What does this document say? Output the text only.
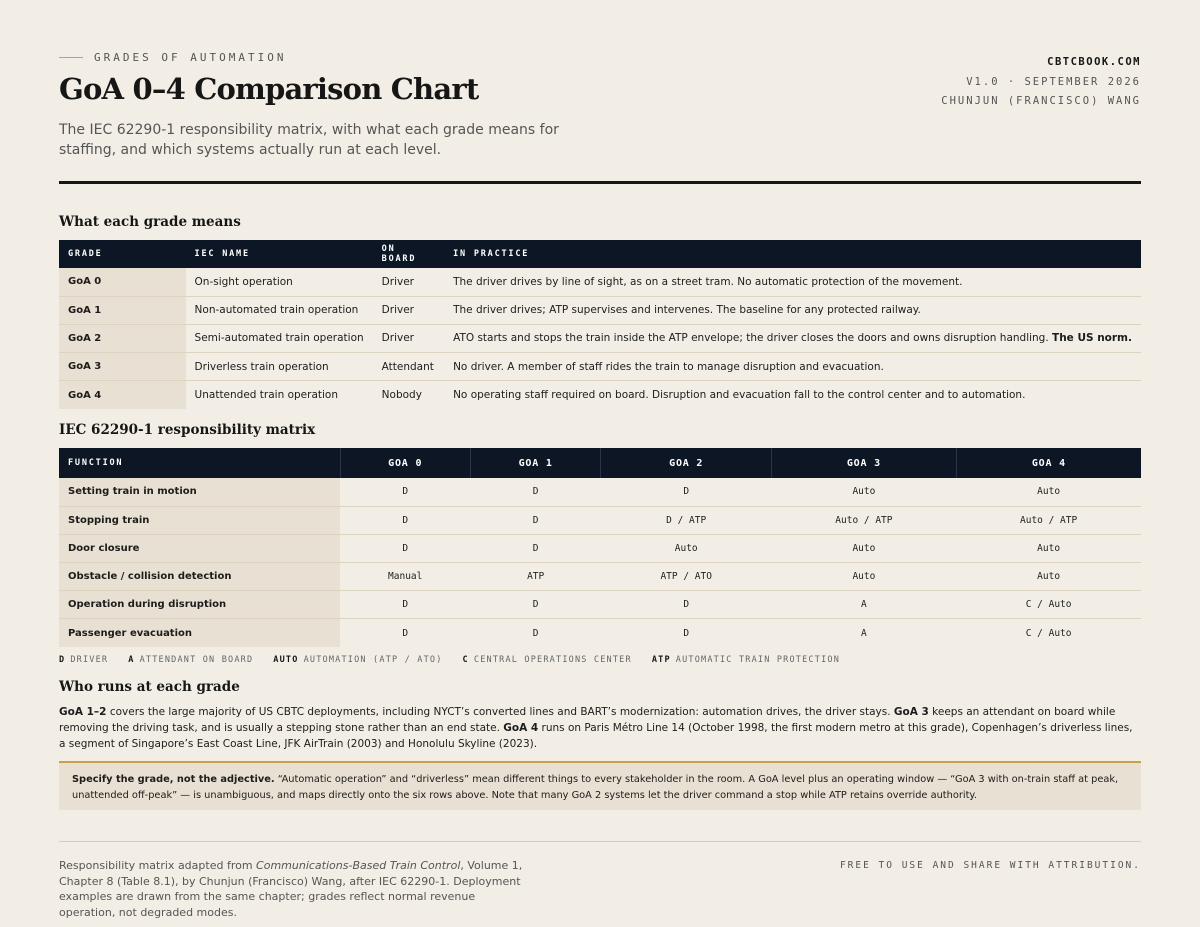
GRADES OF AUTOMATION
GoA 0–4 Comparison Chart

The IEC 62290-1 responsibility matrix, with what each grade means for staffing, and which systems actually run at each level.

CBTCBOOK.COM
V1.0 · SEPTEMBER 2026
CHUNJUN (FRANCISCO) WANG
What each grade means
GRADE	IEC NAME	ON BOARD	IN PRACTICE
GoA 0	On-sight operation	Driver	The driver drives by line of sight, as on a street tram. No automatic protection of the movement.
GoA 1	Non-automated train operation	Driver	The driver drives; ATP supervises and intervenes. The baseline for any protected railway.
GoA 2	Semi-automated train operation	Driver	ATO starts and stops the train inside the ATP envelope; the driver closes the doors and owns disruption handling. The US norm.
GoA 3	Driverless train operation	Attendant	No driver. A member of staff rides the train to manage disruption and evacuation.
GoA 4	Unattended train operation	Nobody	No operating staff required on board. Disruption and evacuation fall to the control center and to automation.
IEC 62290-1 responsibility matrix
FUNCTION	GOA 0	GOA 1	GOA 2	GOA 3	GOA 4
Setting train in motion	D	D	D	Auto	Auto
Stopping train	D	D	D / ATP	Auto / ATP	Auto / ATP
Door closure	D	D	Auto	Auto	Auto
Obstacle / collision detection	Manual	ATP	ATP / ATO	Auto	Auto
Operation during disruption	D	D	D	A	C / Auto
Passenger evacuation	D	D	D	A	C / Auto
D DRIVER A ATTENDANT ON BOARD AUTO AUTOMATION (ATP / ATO) C CENTRAL OPERATIONS CENTER ATP AUTOMATIC TRAIN PROTECTION
Who runs at each grade

GoA 1–2 covers the large majority of US CBTC deployments, including NYCT’s converted lines and BART’s modernization: automation drives, the driver stays. GoA 3 keeps an attendant on board while removing the driving task, and is usually a stepping stone rather than an end state. GoA 4 runs on Paris Métro Line 14 (October 1998, the first modern metro at this grade), Copenhagen’s driverless lines, a segment of Singapore’s East Coast Line, JFK AirTrain (2003) and Honolulu Skyline (2023).

Specify the grade, not the adjective. “Automatic operation” and “driverless” mean different things to every stakeholder in the room. A GoA level plus an operating window — “GoA 3 with on-train staff at peak, unattended off-peak” — is unambiguous, and maps directly onto the six rows above. Note that many GoA 2 systems let the driver command a stop while ATP retains override authority.

Responsibility matrix adapted from Communications-Based Train Control, Volume 1, Chapter 8 (Table 8.1), by Chunjun (Francisco) Wang, after IEC 62290-1. Deployment examples are drawn from the same chapter; grades reflect normal revenue operation, not degraded modes.

FREE TO USE AND SHARE WITH ATTRIBUTION.
